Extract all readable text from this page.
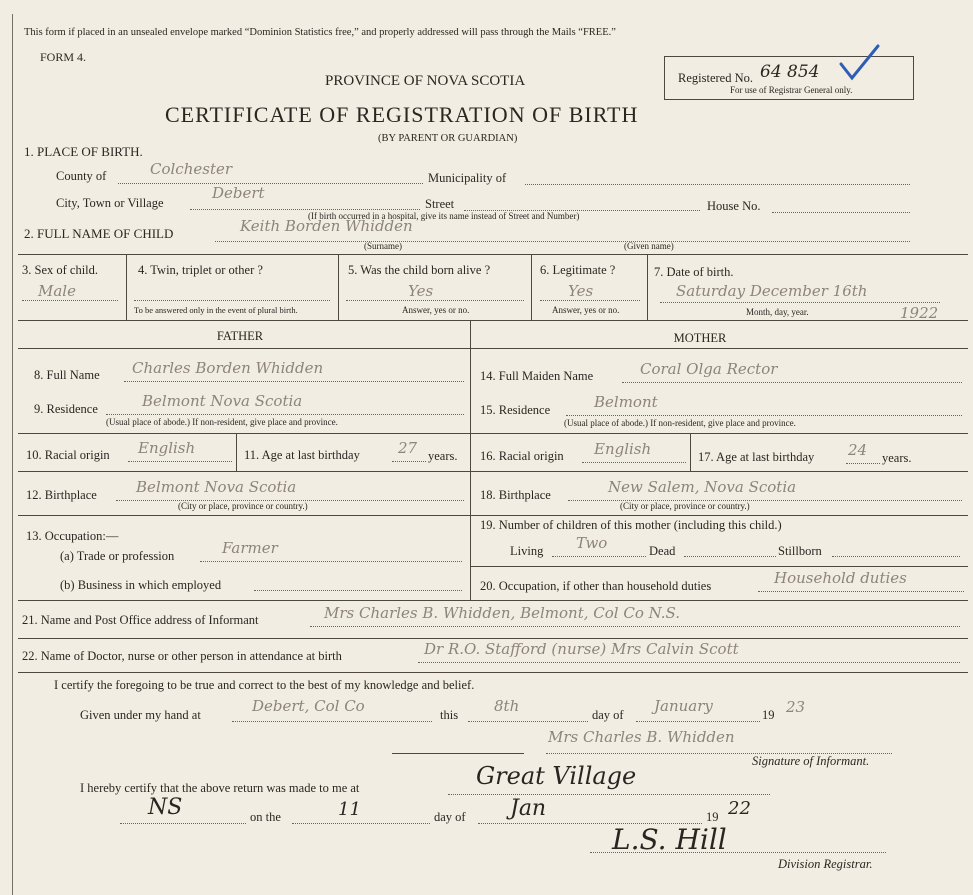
This form if placed in an unsealed envelope marked “Dominion Statistics free,” and properly addressed will pass through the Mails “FREE.”
FORM 4.
PROVINCE OF NOVA SCOTIA
CERTIFICATE OF REGISTRATION OF BIRTH
(BY PARENT OR GUARDIAN)
Registered No. 64 854
For use of Registrar General only.
1. PLACE OF BIRTH.
County of	Colchester	Municipality of
City, Town or Village
Debert
Street	House No.
(If birth occurred in a hospital, give its name instead of Street and Number)
2. FULL NAME OF CHILD	Keith Borden Whidden
(Surname)	(Given name)
3. Sex of child.
Male
4. Twin, triplet or other ?
To be answered only in the event of plural birth.
5. Was the child born alive ?
Yes
Answer, yes or no.
6. Legitimate ?
Yes
Answer, yes or no.
7. Date of birth.
Saturday December 16th
1922
Month, day, year.
FATHER	MOTHER
8. Full Name Charles Borden Whidden
9. Residence	Belmont Nova Scotia
(Usual place of abode.) If non-resident, give place and province.
10. Racial origin English	11. Age at last birthday	27 years.
12. Birthplace	Belmont Nova Scotia
(City or place, province or country.)
13. Occupation:—
(a) Trade or profession	Farmer
(b) Business in which employed
14. Full Maiden Name	Coral Olga Rector
15. Residence	Belmont
(Usual place of abode.) If non-resident, give place and province.
16. Racial origin English	17. Age at last birthday 24 years.
18. Birthplace	New Salem, Nova Scotia
(City or place, province or country.)
19. Number of children of this mother (including this child.)
Living Two	Dead	Stillborn
20. Occupation, if other than household duties	Household duties
21. Name and Post Office address of Informant	Mrs Charles B. Whidden, Belmont, Col Co N.S.
22. Name of Doctor, nurse or other person in attendance at birth	Dr R.O. Stafford (nurse) Mrs Calvin Scott
I certify the foregoing to be true and correct to the best of my knowledge and belief.
Given under my hand at	Debert, Col Co	this 8th	day of January	19 23
Mrs Charles B. Whidden
Signature of Informant.
I hereby certify that the above return was made to me at	Great Village
NS	on the	11	day of Jan	19 22
L.S. Hill
Division Registrar.
